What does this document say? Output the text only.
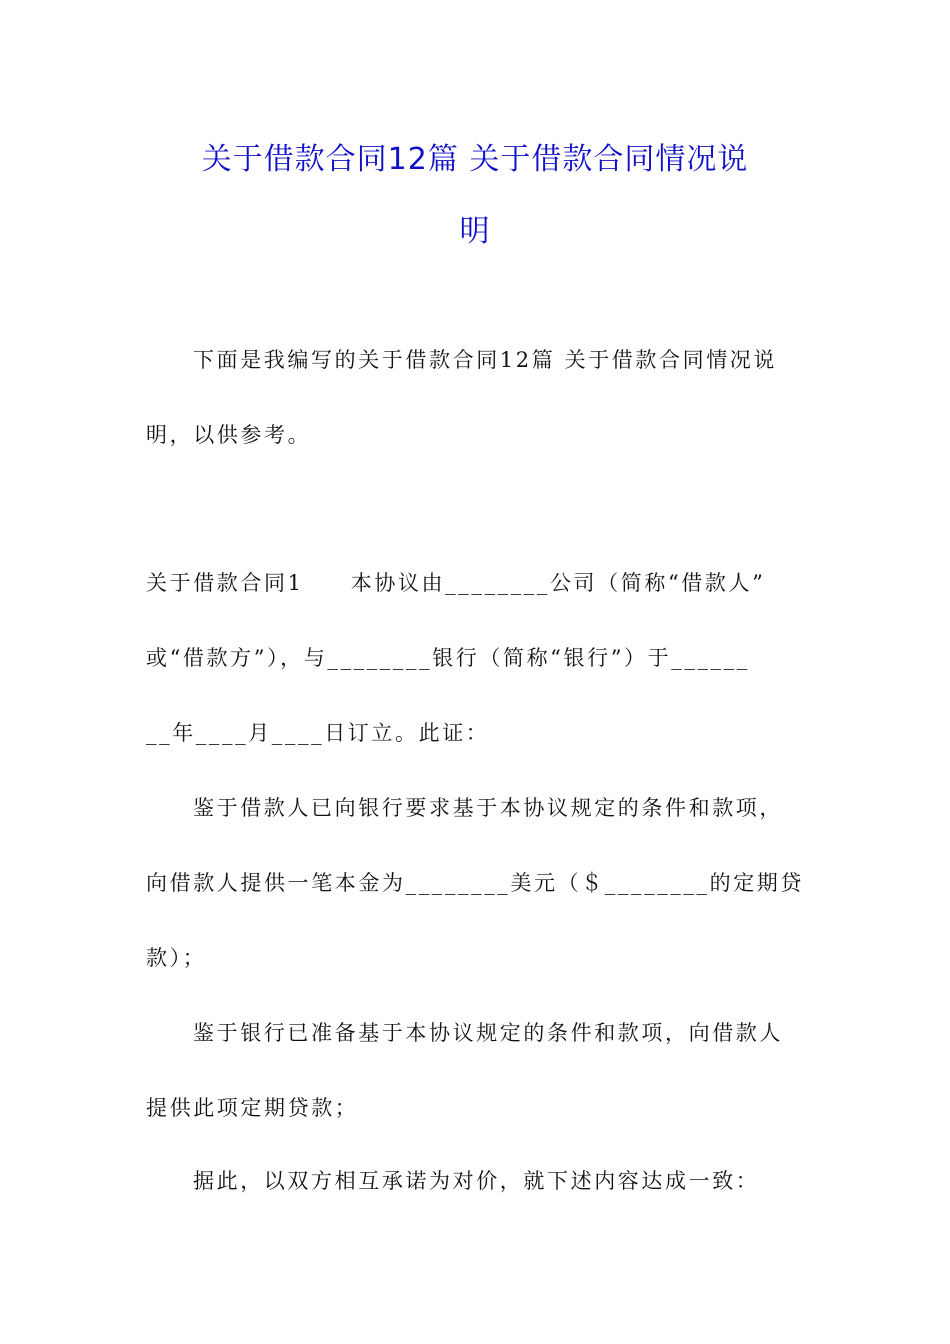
关于借款合同12篇 关于借款合同情况说
明
下面是我编写的关于借款合同12篇 关于借款合同情况说
明，以供参考。
关于借款合同1　　本协议由________公司（简称“借款人”
或“借款方”），与________银行（简称“银行”）于______
__年____月____日订立。此证：
鉴于借款人已向银行要求基于本协议规定的条件和款项，
向借款人提供一笔本金为________美元（＄________的定期贷
款）；
鉴于银行已准备基于本协议规定的条件和款项，向借款人
提供此项定期贷款；
据此，以双方相互承诺为对价，就下述内容达成一致：
